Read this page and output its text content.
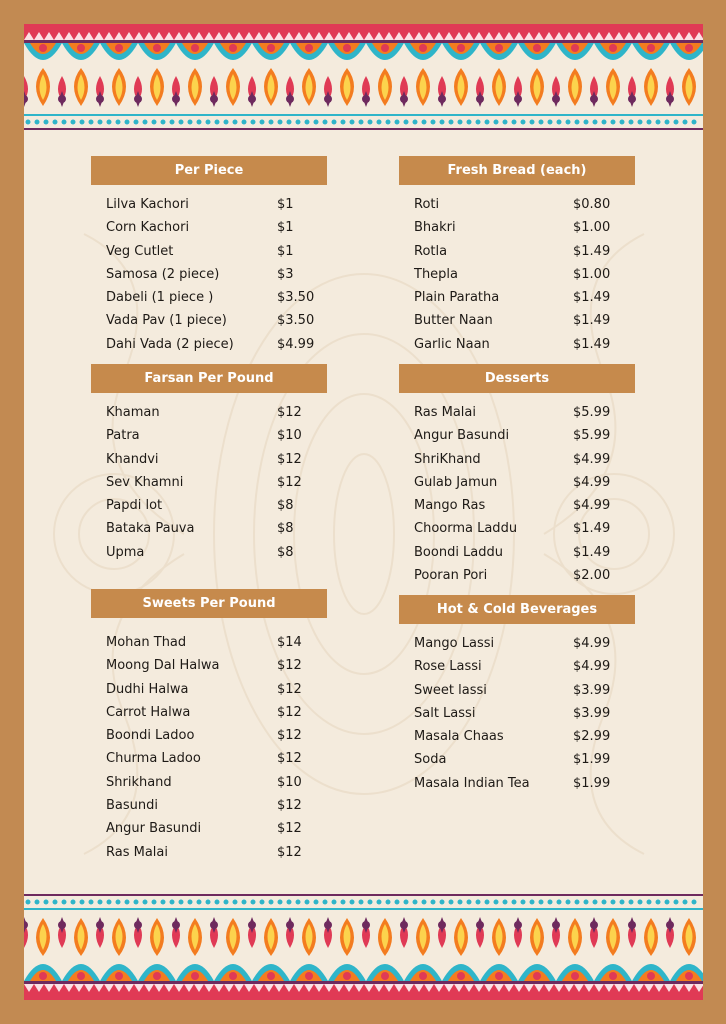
Per Piece
Lilva Kachori	$1
Corn Kachori	$1
Veg Cutlet	$1
Samosa (2 piece)	$3
Dabeli (1 piece )	$3.50
Vada Pav (1 piece)	$3.50
Dahi Vada (2 piece)	$4.99
Farsan Per Pound
Khaman	$12
Patra	$10
Khandvi	$12
Sev Khamni	$12
Papdi lot	$8
Bataka Pauva	$8
Upma	$8
Sweets Per Pound
Mohan Thad	$14
Moong Dal Halwa	$12
Dudhi Halwa	$12
Carrot Halwa	$12
Boondi Ladoo	$12
Churma Ladoo	$12
Shrikhand	$10
Basundi	$12
Angur Basundi	$12
Ras Malai	$12
Fresh Bread (each)
Roti	$0.80
Bhakri	$1.00
Rotla	$1.49
Thepla	$1.00
Plain Paratha	$1.49
Butter Naan	$1.49
Garlic Naan	$1.49
Desserts
Ras Malai	$5.99
Angur Basundi	$5.99
ShriKhand	$4.99
Gulab Jamun	$4.99
Mango Ras	$4.99
Choorma Laddu	$1.49
Boondi Laddu	$1.49
Pooran Pori	$2.00
Hot & Cold Beverages
Mango Lassi	$4.99
Rose Lassi	$4.99
Sweet lassi	$3.99
Salt Lassi	$3.99
Masala Chaas	$2.99
Soda	$1.99
Masala Indian Tea	$1.99
